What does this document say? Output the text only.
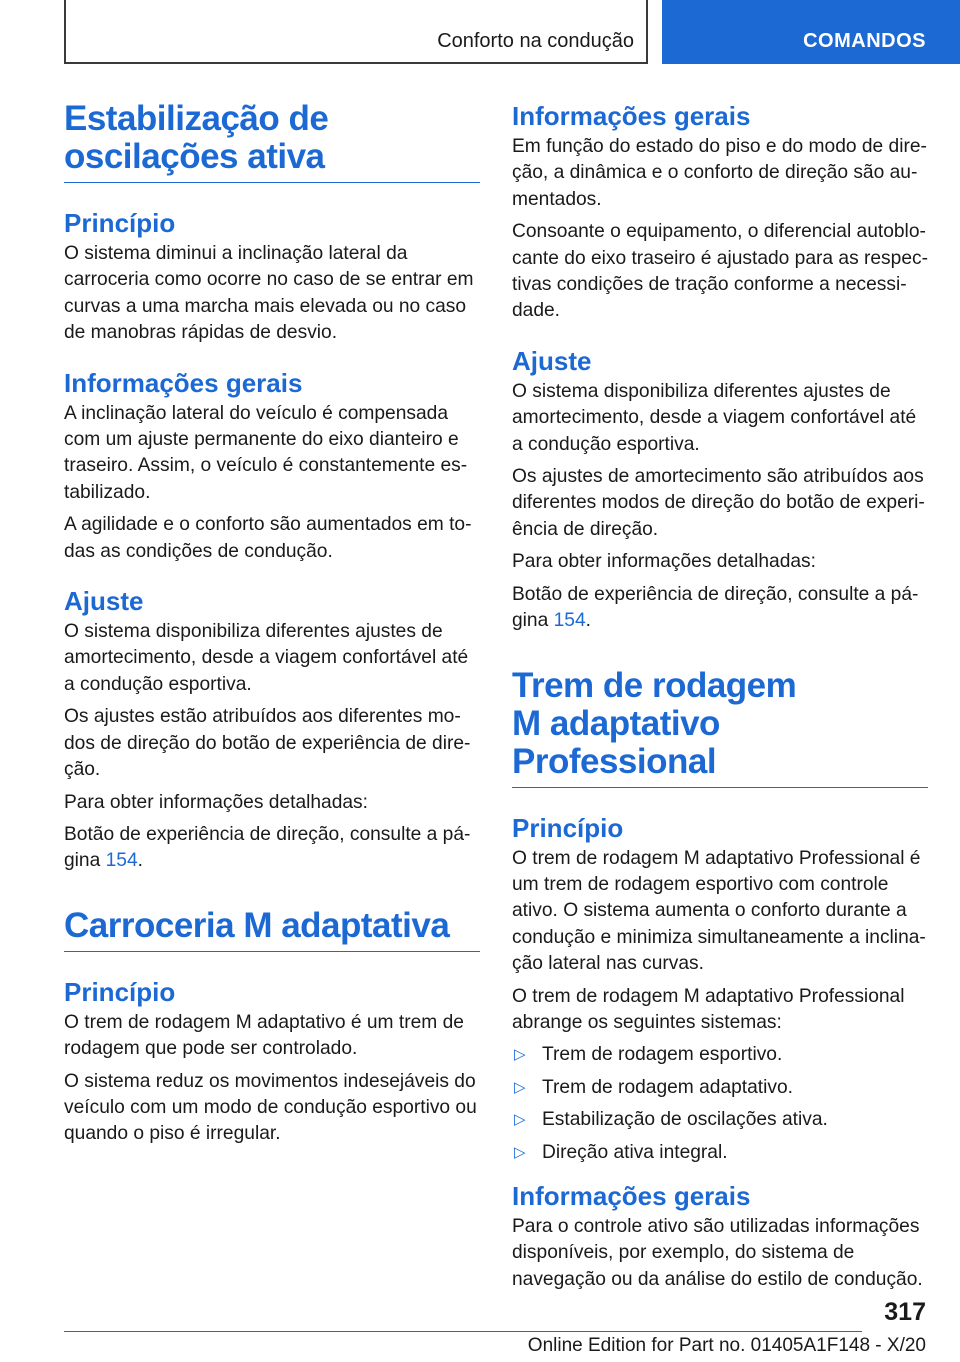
Conforto na condução	COMANDOS
Estabilização de oscilações ativa
Princípio

O sistema diminui a inclinação lateral da carroceria como ocorre no caso de se entrar em curvas a uma marcha mais elevada ou no caso de manobras rápidas de desvio.

Informações gerais

A inclinação lateral do veículo é compensada com um ajuste permanente do eixo dianteiro e traseiro. Assim, o veículo é constantemente estabilizado.

A agilidade e o conforto são aumentados em todas as condições de condução.

Ajuste

O sistema disponibiliza diferentes ajustes de amortecimento, desde a viagem confortável até a condução esportiva.

Os ajustes estão atribuídos aos diferentes modos de direção do botão de experiência de direção.

Para obter informações detalhadas:

Botão de experiência de direção, consulte a página 154.

Carroceria M adaptativa
Princípio

O trem de rodagem M adaptativo é um trem de rodagem que pode ser controlado.

O sistema reduz os movimentos indesejáveis do veículo com um modo de condução esportivo ou quando o piso é irregular.

Informações gerais

Em função do estado do piso e do modo de direção, a dinâmica e o conforto de direção são aumentados.

Consoante o equipamento, o diferencial autoblocante do eixo traseiro é ajustado para as respectivas condições de tração conforme a necessidade.

Ajuste

O sistema disponibiliza diferentes ajustes de amortecimento, desde a viagem confortável até a condução esportiva.

Os ajustes de amortecimento são atribuídos aos diferentes modos de direção do botão de experiência de direção.

Para obter informações detalhadas:

Botão de experiência de direção, consulte a página 154.

Trem de rodagem
M adaptativo Professional
Princípio

O trem de rodagem M adaptativo Professional é um trem de rodagem esportivo com controle ativo. O sistema aumenta o conforto durante a condução e minimiza simultaneamente a inclinação lateral nas curvas.

O trem de rodagem M adaptativo Professional abrange os seguintes sistemas:

▷ Trem de rodagem esportivo.
▷ Trem de rodagem adaptativo.
▷ Estabilização de oscilações ativa.
▷ Direção ativa integral.
Informações gerais

Para o controle ativo são utilizadas informações disponíveis, por exemplo, do sistema de navegação ou da análise do estilo de condução.

317
Online Edition for Part no. 01405A1F148 - X/20
